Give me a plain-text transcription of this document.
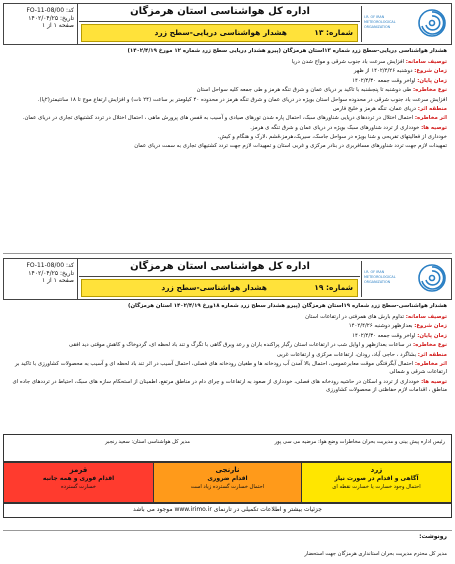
کد: FO-11-08/00
تاریخ: ۱۴۰۲/۰۴/۲۵
صفحه ۱ از ۱
اداره کل هواشناسی استان هرمزگان
هشدار هواشناسی دریایی-سطح زرد	شماره: ۱۳
I.R. OF IRAN
METEOROLOGICAL
ORGANIZATION
هشدار هواشناسی دریایی-سطح زرد شماره ۱۳استان هرمزگان (پیرو هشدار دریایی سطح زرد شماره ۱۲ مورخ ۱۴۰۲/۴/۱۹)
توصیف سامانه: افزایش سرعت باد جنوب شرقی و مواج شدن دریا
زمان شروع: دوشنبه ۱۴۰۲/۴/۲۶ از ظهر
زمان پایان: اواخر وقت جمعه ۱۴۰۲/۴/۳۰
نوع مخاطره: طی دوشنبه تا پنجشنبه با تاکید بر دریای عمان و شرق تنگه هرمز و طی جمعه کلیه سواحل استان
افزایش سرعت باد جنوب شرقی در محدوده سواحل استان بویژه در دریای عمان و شرق تنگه هرمز در محدوده ۴۰ کیلومتر بر ساعت (۲۴ نات) و افزایش ارتفاع موج تا ۱۸ سانتیمتر(۲پا).
منطقه اثر: دریای عمان، تنگه هرمز و خلیج فارس
اثر مخاطره: احتمال اختلال در ترددهای دریایی شناورهای سبک، احتمال پاره شدن تورهای صیادی و آسیب به قفس های پرورش ماهی ، احتمال اختلال در تردد کشتیهای تجاری در دریای عمان.
توصیه ها: خودداری از تردد شناورهای سبک بویژه در دریای عمان و شرق تنگه ی هرمز.
خودداری از فعالیتهای تفریحی و شنا بویژه در سواحل جاسک، سیریک،هرمز،قشم ،لارک و هنگام و کیش.
تمهیدات لازم جهت تردد شناورهای مسافربری در بنادر مرکزی و غربی استان و تمهیدات لازم جهت تردد کشتیهای تجاری به سمت دریای عمان
کد: FO-11-08/00
تاریخ: ۱۴۰۲/۰۴/۲۵
صفحه ۱ از ۱
اداره کل هواشناسی استان هرمزگان
هشدار هواشناسی-سطح زرد	شماره: ۱۹
I.R. OF IRAN
METEOROLOGICAL
ORGANIZATION
هشدار هواشناسی-سطح زرد شماره ۱۹استان هرمزگان (پیرو هشدار سطح زرد شماره ۱۸ورخ ۱۴۰۲/۴/۱۹ استان هرمزگان)
توصیف سامانه: تداوم بارش های همرفتی در ارتفاعات استان
زمان شروع: بعدازظهر دوشنبه ۱۴۰۲/۴/۲۶
زمان پایان: اواخر وقت جمعه ۱۴۰۲/۴/۳۰
نوع مخاطره: در ساعات بعدازظهر و اوایل شب در ارتفاعات استان رگبار پراکنده باران و رعد وبرق گاهی با تگرگ و تند باد لحظه ای، گردوخاک و کاهش موقتی دید افقی
منطقه اثر: بشاگرد ، حاجی آباد، رودان، ارتفاعات مرکزی و ارتفاعات غربی
اثر مخاطره: احتمال آبگرفتگی موقت معابرعمومی، احتمال بالا آمدن آب رودخانه ها و طغیان رودخانه های فصلی، احتمال آسیب در اثر تند باد لحظه ای و آسیب به محصولات کشاورزی با تاکید بر ارتفاعات شرقی و شمالی
توصیه ها: خودداری از تردد و اسکان در حاشیه رودخانه های فصلی، خودداری از صعود به ارتفاعات و چرای دام در مناطق مرتفع، اطمینان از استحکام سازه های سبک، احتیاط در ترددهای جاده ای مناطق ، اقدامات لازم حفاظتی از محصولات کشاورزی
رئیس اداره پیش بینی و مدیریت بحران مخاطرات وضع هوا: مرضیه می سی پور
مدیر کل هواشناسی استان: سعید رنجبر
زرد
آگاهی و اقدام در صورت نیاز
احتمال وجود خسارت یا خسارت نقطه ای
نارنجی
اقدام ضروری
احتمال خسارت گسترده زیاد است
قرمز
اقدام فوری و همه جانبه
خسارت گسترده
جزئیات بیشتر و اطلاعات تکمیلی در تارنمای www.irimo.ir موجود می باشد
رونوشت:
مدیر کل محترم مدیریت بحران استانداری هرمزگان جهت استحضار
